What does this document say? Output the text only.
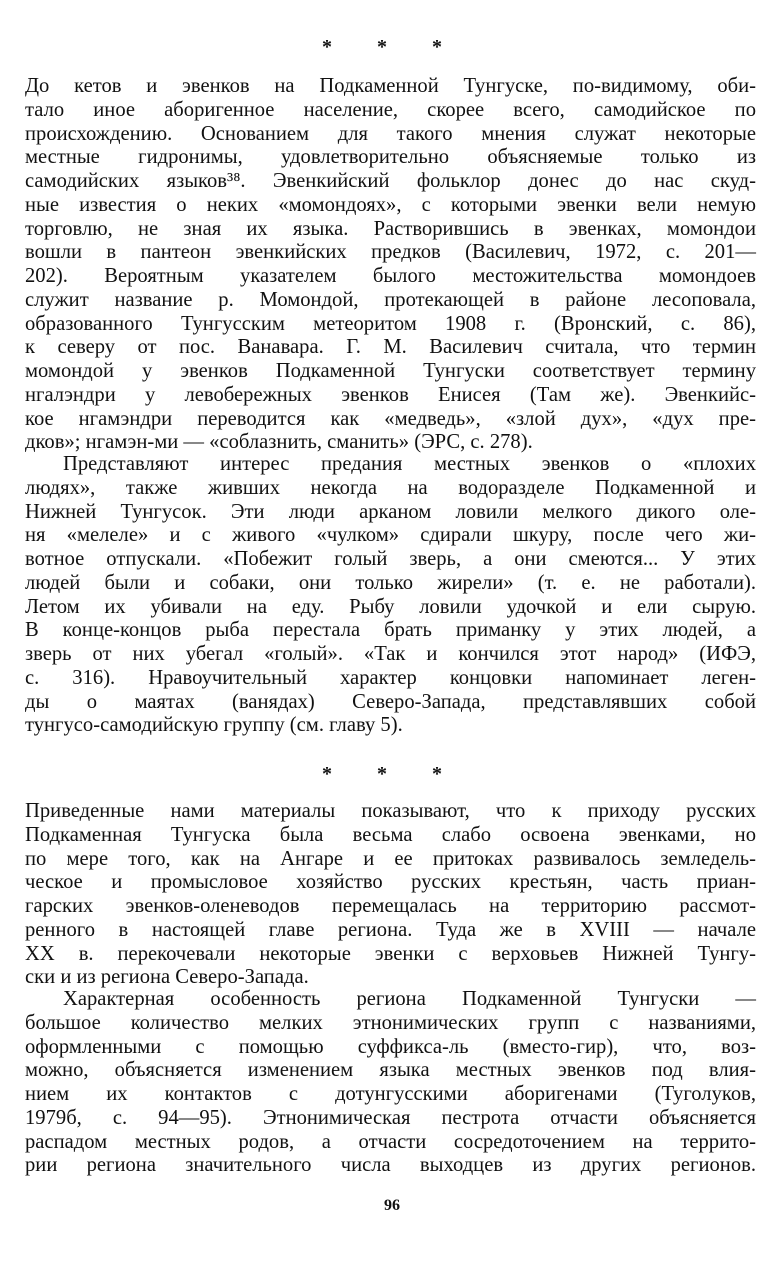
* * *
До кетов и эвенков на Подкаменной Тунгуске, по-видимому, оби-
тало иное аборигенное население, скорее всего, самодийское по
происхождению. Основанием для такого мнения служат некоторые
местные гидронимы, удовлетворительно объясняемые только из
самодийских языков³⁸. Эвенкийский фольклор донес до нас скуд-
ные известия о неких «момондоях», с которыми эвенки вели немую
торговлю, не зная их языка. Растворившись в эвенках, момондои
вошли в пантеон эвенкийских предков (Василевич, 1972, с. 201—
202). Вероятным указателем былого местожительства момондоев
служит название р. Момондой, протекающей в районе лесоповала,
образованного Тунгусским метеоритом 1908 г. (Вронский, с. 86),
к северу от пос. Ванавара. Г. М. Василевич считала, что термин
момондой у эвенков Подкаменной Тунгуски соответствует термину
нгалэндри у левобережных эвенков Енисея (Там же). Эвенкийс-
кое нгамэндри переводится как «медведь», «злой дух», «дух пре-
дков»; нгамэн-ми — «соблазнить, сманить» (ЭРС, с. 278).
Представляют интерес предания местных эвенков о «плохих
людях», также живших некогда на водоразделе Подкаменной и
Нижней Тунгусок. Эти люди арканом ловили мелкого дикого оле-
ня «мелеле» и с живого «чулком» сдирали шкуру, после чего жи-
вотное отпускали. «Побежит голый зверь, а они смеются... У этих
людей были и собаки, они только жирели» (т. е. не работали).
Летом их убивали на еду. Рыбу ловили удочкой и ели сырую.
В конце-концов рыба перестала брать приманку у этих людей, а
зверь от них убегал «голый». «Так и кончился этот народ» (ИФЭ,
с. 316). Нравоучительный характер концовки напоминает леген-
ды о маятах (ванядах) Северо-Запада, представлявших собой
тунгусо-самодийскую группу (см. главу 5).
* * *
Приведенные нами материалы показывают, что к приходу русских
Подкаменная Тунгуска была весьма слабо освоена эвенками, но
по мере того, как на Ангаре и ее притоках развивалось земледель-
ческое и промысловое хозяйство русских крестьян, часть приан-
гарских эвенков-оленеводов перемещалась на территорию рассмот-
ренного в настоящей главе региона. Туда же в XVIII — начале
XX в. перекочевали некоторые эвенки с верховьев Нижней Тунгу-
ски и из региона Северо-Запада.
Характерная особенность региона Подкаменной Тунгуски —
большое количество мелких этнонимических групп с названиями,
оформленными с помощью суффикса-ль (вместо-гир), что, воз-
можно, объясняется изменением языка местных эвенков под влия-
нием их контактов с дотунгусскими аборигенами (Туголуков,
1979б, с. 94—95). Этнонимическая пестрота отчасти объясняется
распадом местных родов, а отчасти сосредоточением на террито-
рии региона значительного числа выходцев из других регионов.
96
